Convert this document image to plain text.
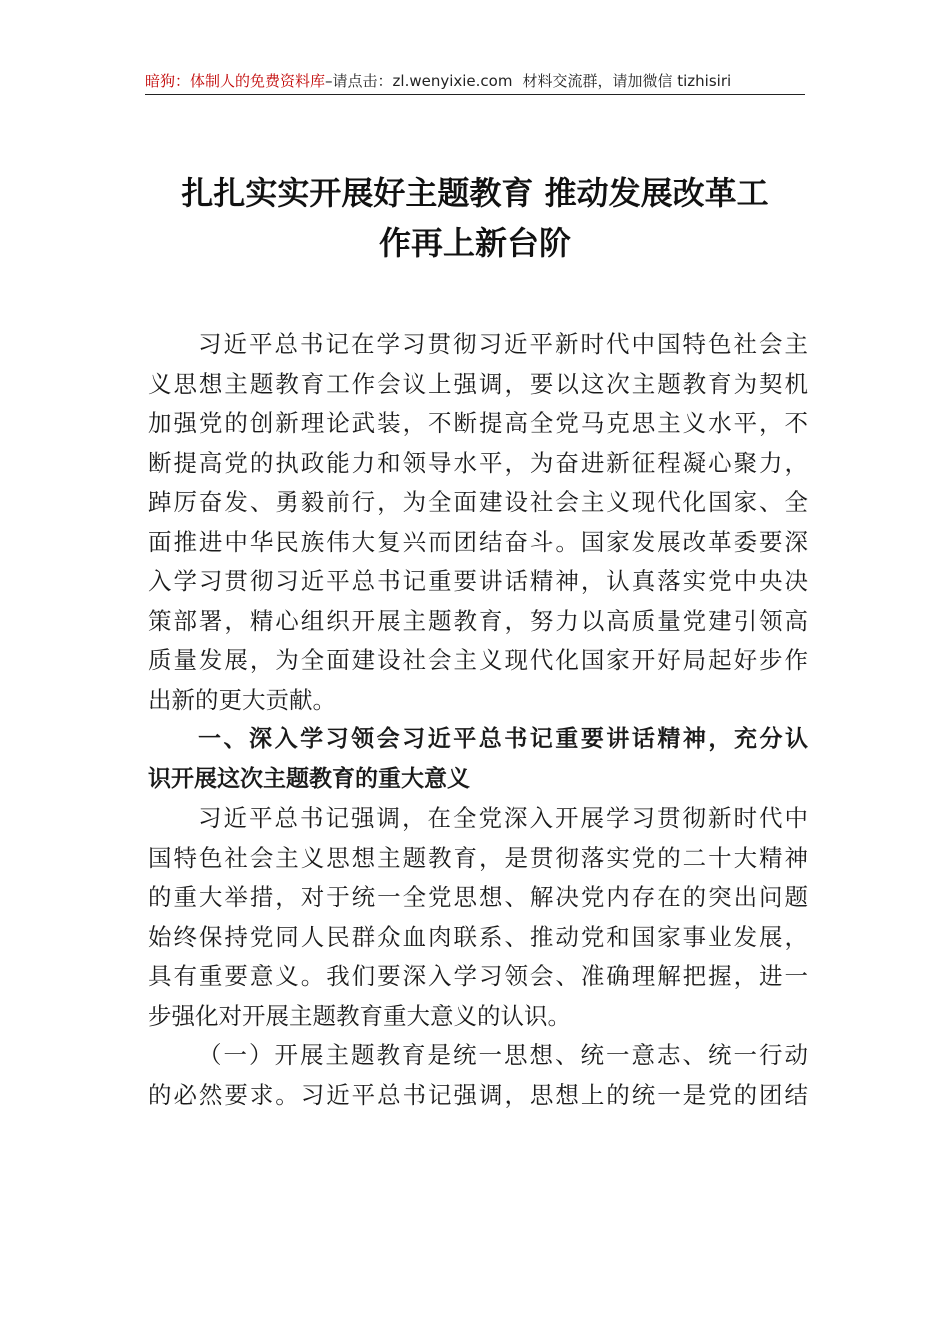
暗狗：体制人的免费资料库–请点击：zl.wenyixie.com 材料交流群，请加微信 tizhisiri
扎扎实实开展好主题教育 推动发展改革工
作再上新台阶
习近平总书记在学习贯彻习近平新时代中国特色社会主
义思想主题教育工作会议上强调，要以这次主题教育为契机
加强党的创新理论武装，不断提高全党马克思主义水平，不
断提高党的执政能力和领导水平，为奋进新征程凝心聚力，
踔厉奋发、勇毅前行，为全面建设社会主义现代化国家、全
面推进中华民族伟大复兴而团结奋斗。国家发展改革委要深
入学习贯彻习近平总书记重要讲话精神，认真落实党中央决
策部署，精心组织开展主题教育，努力以高质量党建引领高
质量发展，为全面建设社会主义现代化国家开好局起好步作
出新的更大贡献。
一、深入学习领会习近平总书记重要讲话精神，充分认
识开展这次主题教育的重大意义
习近平总书记强调，在全党深入开展学习贯彻新时代中
国特色社会主义思想主题教育，是贯彻落实党的二十大精神
的重大举措，对于统一全党思想、解决党内存在的突出问题
始终保持党同人民群众血肉联系、推动党和国家事业发展，
具有重要意义。我们要深入学习领会、准确理解把握，进一
步强化对开展主题教育重大意义的认识。
（一）开展主题教育是统一思想、统一意志、统一行动
的必然要求。习近平总书记强调，思想上的统一是党的团结
